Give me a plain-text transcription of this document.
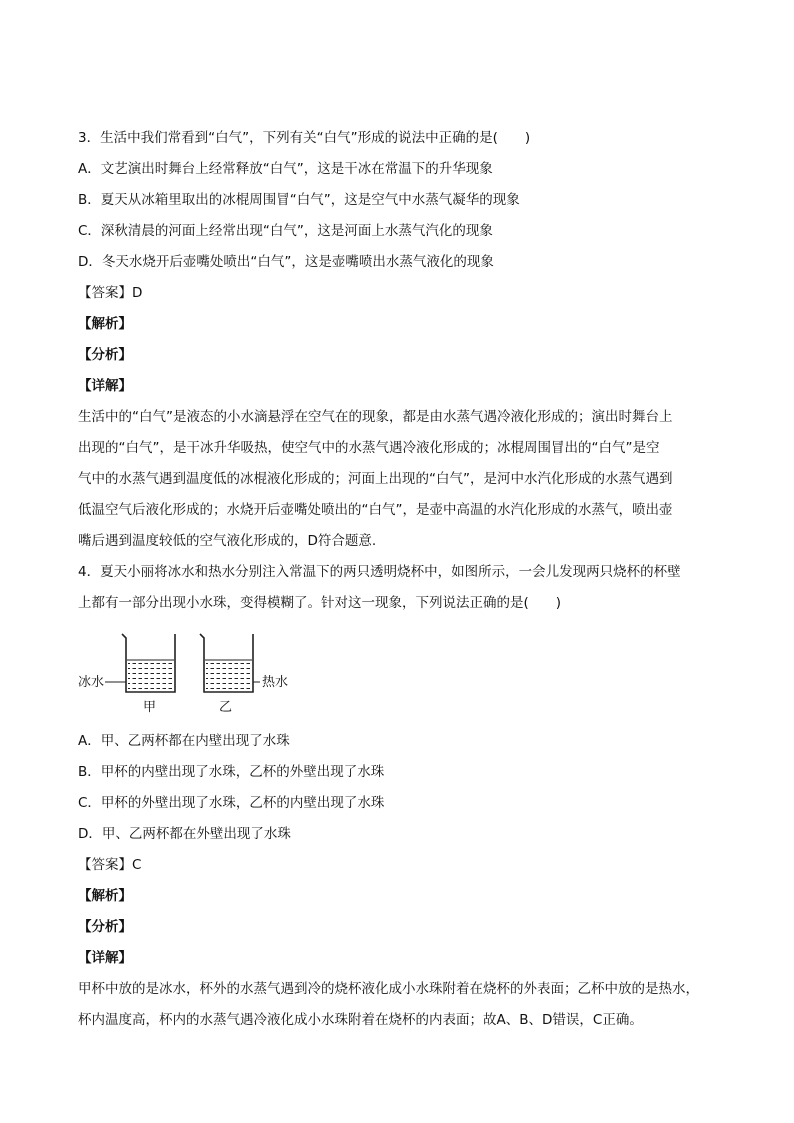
3．生活中我们常看到“白气”，下列有关“白气”形成的说法中正确的是(　　)
A．文艺演出时舞台上经常释放“白气”，这是干冰在常温下的升华现象
B．夏天从冰箱里取出的冰棍周围冒“白气”，这是空气中水蒸气凝华的现象
C．深秋清晨的河面上经常出现“白气”，这是河面上水蒸气汽化的现象
D．冬天水烧开后壶嘴处喷出“白气”，这是壶嘴喷出水蒸气液化的现象
【解析】
【答案】D
【分析】
【详解】
生活中的“白气”是液态的小水滴悬浮在空气在的现象，都是由水蒸气遇冷液化形成的；演出时舞台上
出现的“白气”，是干冰升华吸热，使空气中的水蒸气遇冷液化形成的；冰棍周围冒出的“白气”是空
气中的水蒸气遇到温度低的冰棍液化形成的；河面上出现的“白气”，是河中水汽化形成的水蒸气遇到
低温空气后液化形成的；水烧开后壶嘴处喷出的“白气”，是壶中高温的水汽化形成的水蒸气，喷出壶
嘴后遇到温度较低的空气液化形成的，D符合题意.
4．夏天小丽将冰水和热水分别注入常温下的两只透明烧杯中，如图所示，一会儿发现两只烧杯的杯壁
上都有一部分出现小水珠，变得模糊了。针对这一现象，下列说法正确的是(　　)
冰水	热水
甲	乙
A．甲、乙两杯都在内壁出现了水珠
B．甲杯的内壁出现了水珠，乙杯的外壁出现了水珠
C．甲杯的外壁出现了水珠，乙杯的内壁出现了水珠
D．甲、乙两杯都在外壁出现了水珠
【答案】C
【解析】
【分析】
【详解】
甲杯中放的是冰水，杯外的水蒸气遇到冷的烧杯液化成小水珠附着在烧杯的外表面；乙杯中放的是热水，
杯内温度高，杯内的水蒸气遇冷液化成小水珠附着在烧杯的内表面；故A、B、D错误，C正确。
